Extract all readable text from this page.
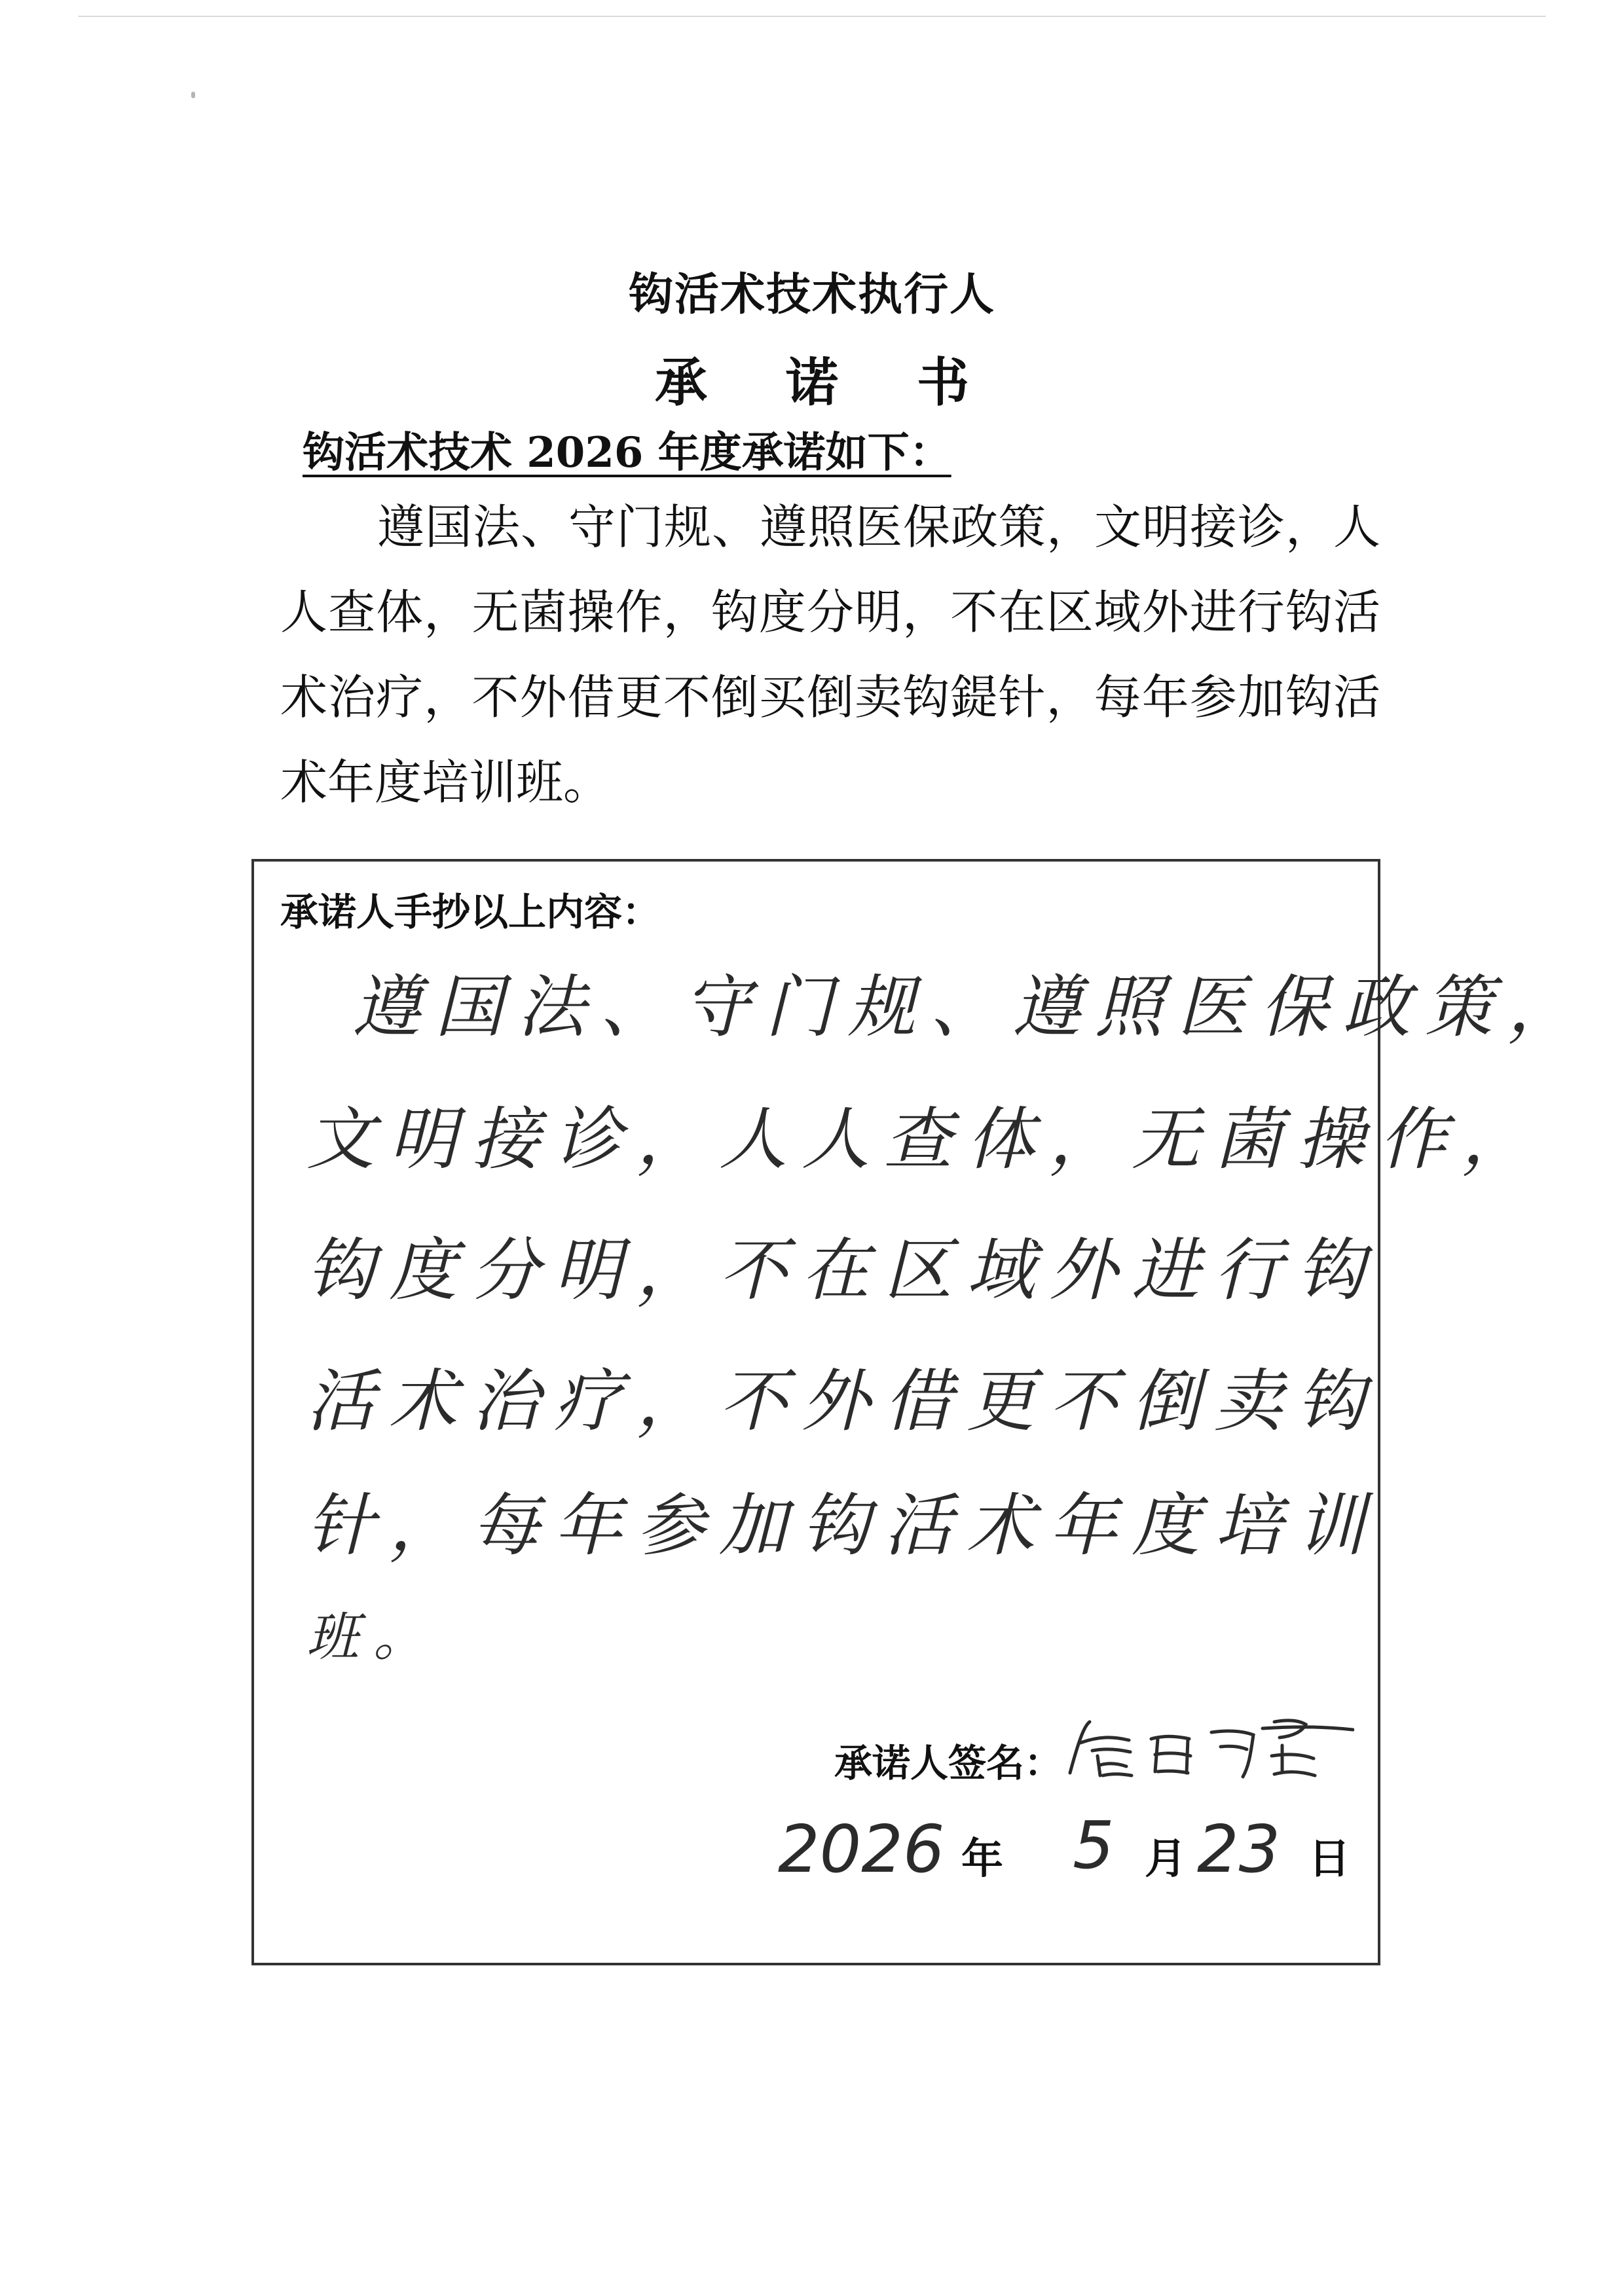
钩活术技术执行人
承诺书
钩活术技术 2026 年度承诺如下：
遵国法、守门规、遵照医保政策，文明接诊，人人查体，无菌操作，钩度分明，不在区域外进行钩活术治疗，不外借更不倒买倒卖钩鍉针，每年参加钩活术年度培训班。
承诺人手抄以上内容：
遵国法、守门规、遵照医保政策，
文明接诊，人人查体，无菌操作，
钩度分明，不在区域外进行钩
活术治疗，不外借更不倒卖钩
针，每年参加钩活术年度培训
班。
承诺人签名：
2026 年 5 月 23 日
